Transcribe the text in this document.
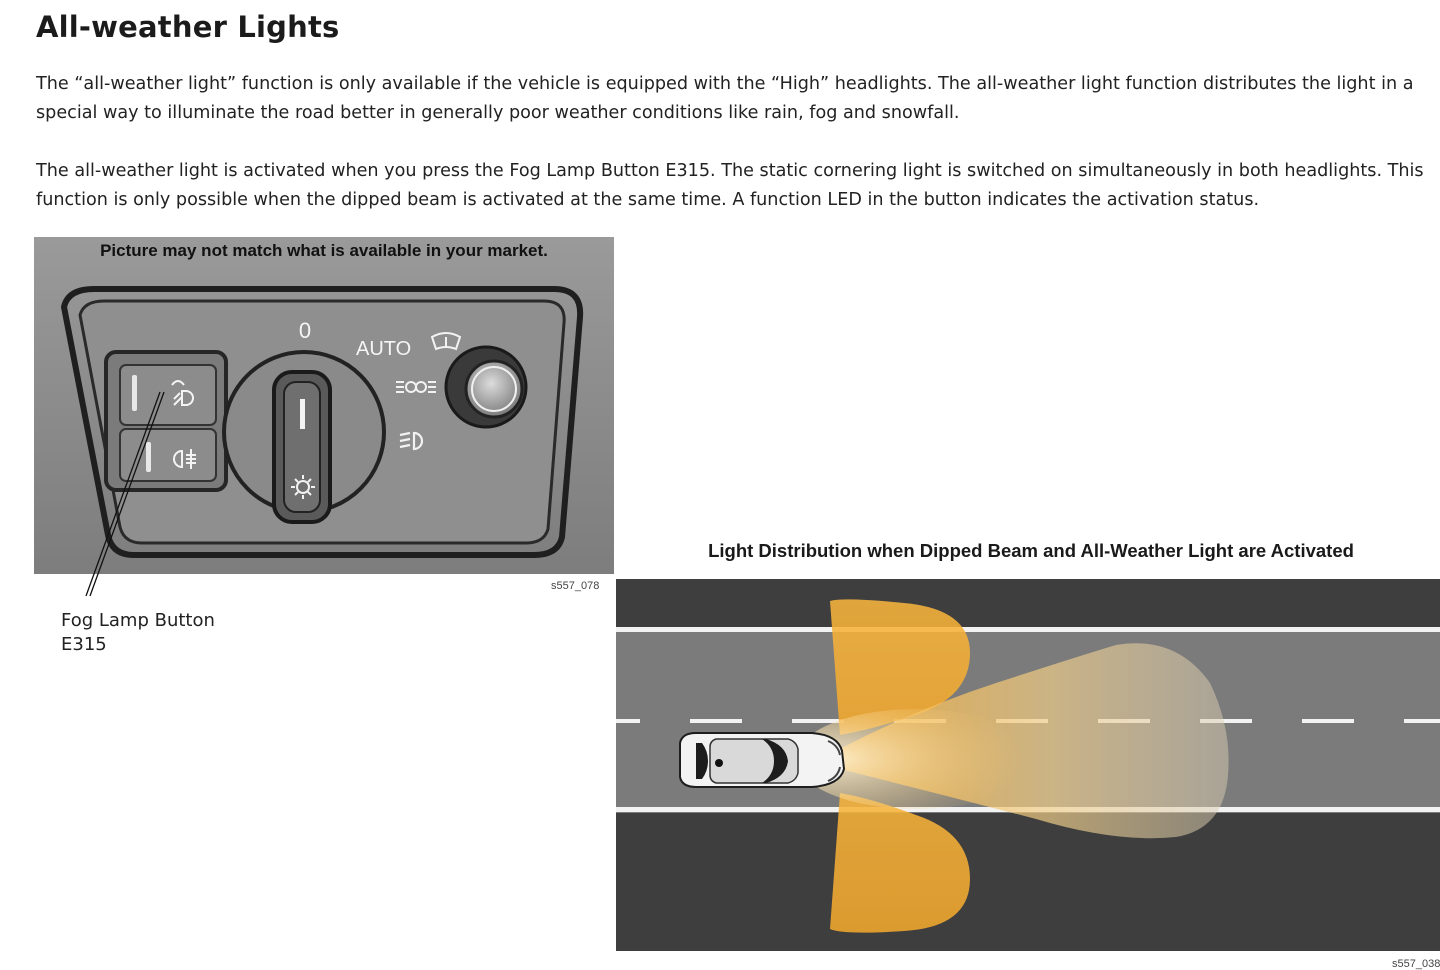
All-weather Lights

The “all-weather light” function is only available if the vehicle is equipped with the “High” headlights. The all-weather light function distributes the light in a special way to illuminate the road better in generally poor weather conditions like rain, fog and snowfall.

The all-weather light is activated when you press the Fog Lamp Button E315. The static cornering light is switched on simultaneously in both headlights. This function is only possible when the dipped beam is activated at the same time. A function LED in the button indicates the activation status.

0
AUTO
Picture may not match what is available in your market.
s557_078
Fog Lamp Button
E315
Light Distribution when Dipped Beam and All-Weather Light are Activated
s557_038
